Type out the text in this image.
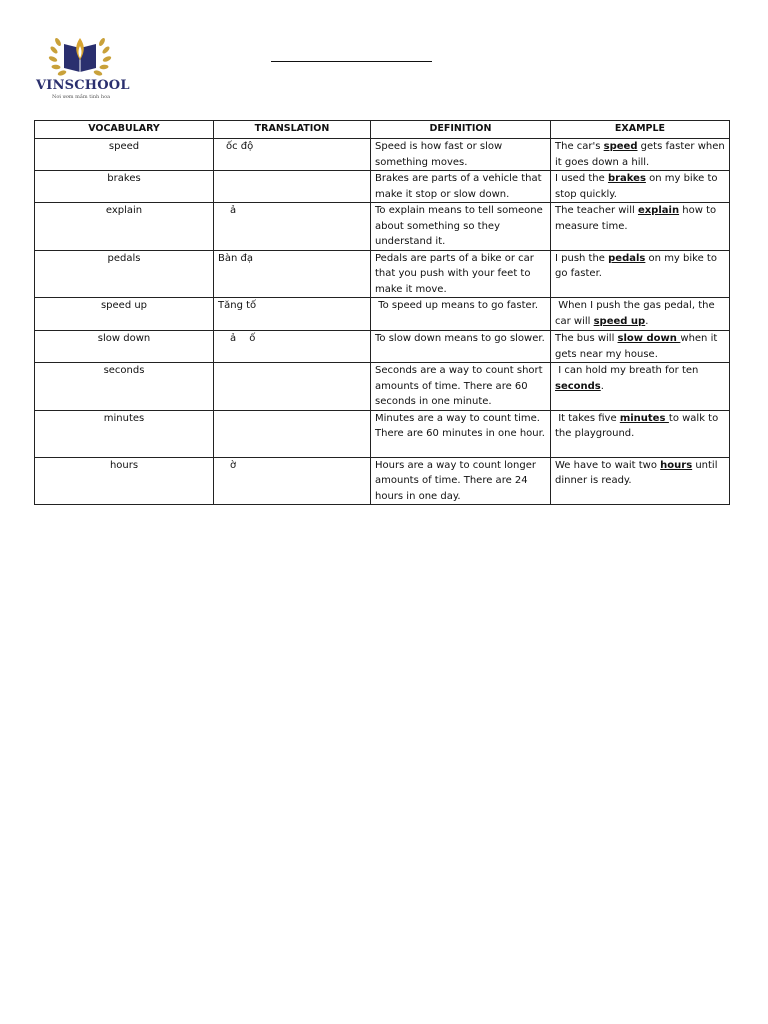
VINSCHOOL
Nơi ươm mầm tinh hoa
VOCABULARY	TRANSLATION	DEFINITION	EXAMPLE
speed	ốc độ	Speed is how fast or slow something moves.	The car's speed gets faster when it goes down a hill.
brakes		Brakes are parts of a vehicle that make it stop or slow down.	I used the brakes on my bike to stop quickly.
explain	ả	To explain means to tell someone about something so they understand it.	The teacher will explain how to measure time.
pedals	Bàn đạ	Pedals are parts of a bike or car that you push with your feet to make it move.	I push the pedals on my bike to go faster.
speed up	Tăng tố	To speed up means to go faster.	When I push the gas pedal, the car will speed up.
slow down	ả ố	To slow down means to go slower.	The bus will slow down when it gets near my house.
seconds		Seconds are a way to count short amounts of time. There are 60 seconds in one minute.	I can hold my breath for ten seconds.
minutes		Minutes are a way to count time. There are 60 minutes in one hour.	It takes five minutes to walk to the playground.
hours	ờ	Hours are a way to count longer amounts of time. There are 24 hours in one day.	We have to wait two hours until dinner is ready.
